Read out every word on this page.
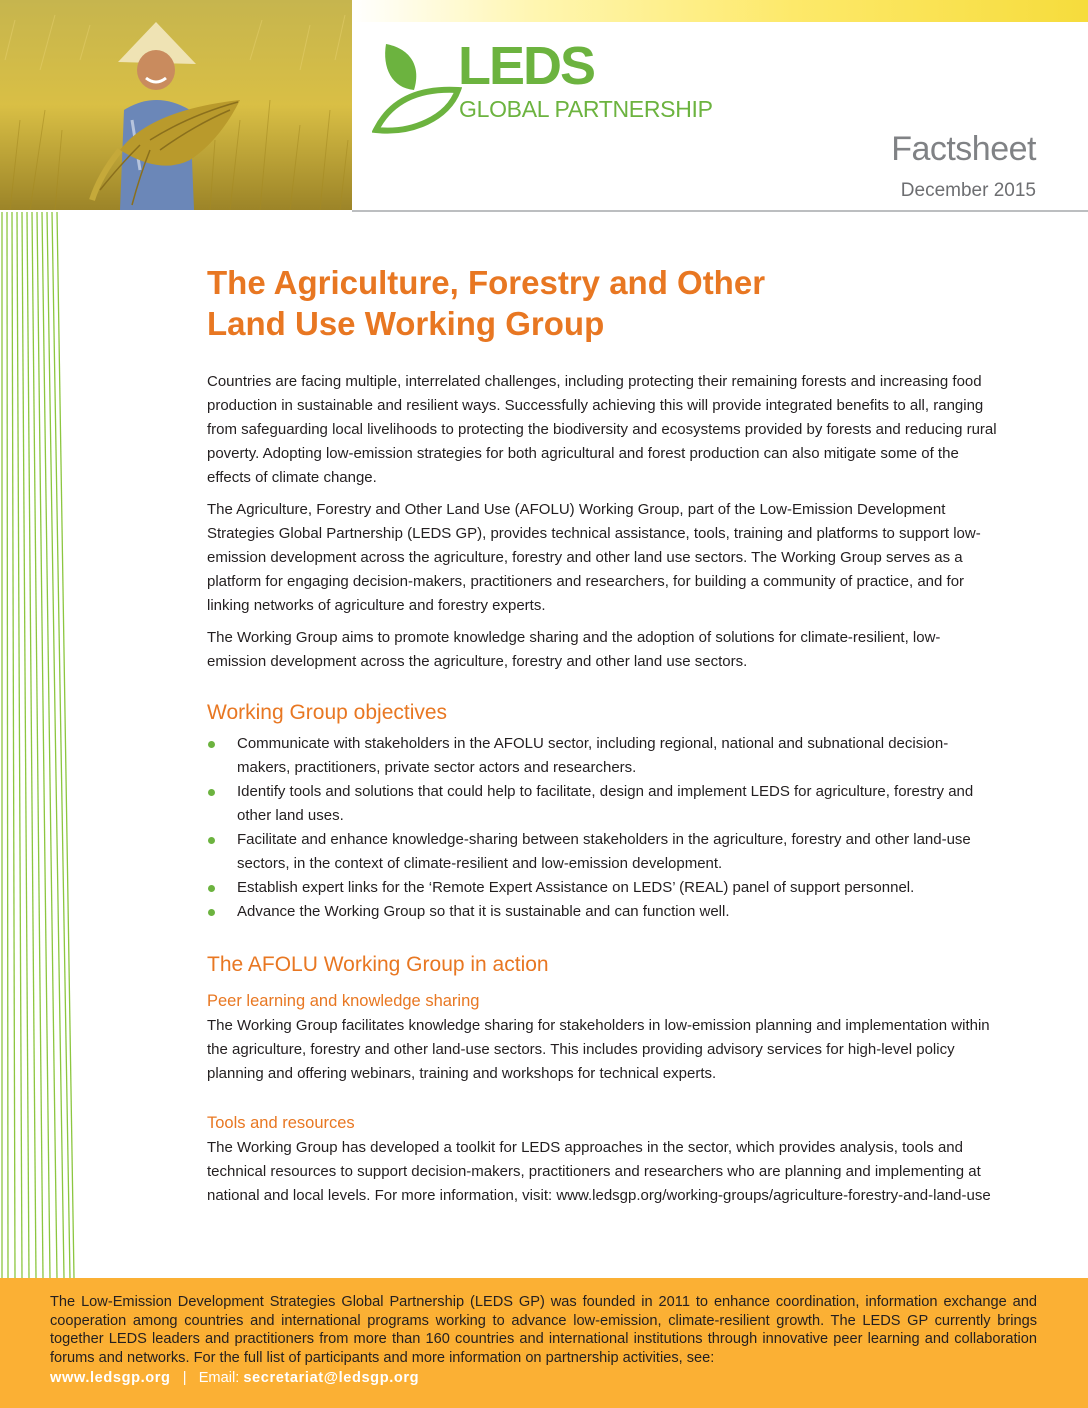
LEDS
GLOBAL PARTNERSHIP
Factsheet
December 2015
The Agriculture, Forestry and Other
Land Use Working Group

Countries are facing multiple, interrelated challenges, including protecting their remaining forests and increasing food production in sustainable and resilient ways. Successfully achieving this will provide integrated benefits to all, ranging from safeguarding local livelihoods to protecting the biodiversity and ecosystems provided by forests and reducing rural poverty. Adopting low-emission strategies for both agricultural and forest production can also mitigate some of the effects of climate change.

The Agriculture, Forestry and Other Land Use (AFOLU) Working Group, part of the Low-Emission Development Strategies Global Partnership (LEDS GP), provides technical assistance, tools, training and platforms to support low-emission development across the agriculture, forestry and other land use sectors. The Working Group serves as a platform for engaging decision-makers, practitioners and researchers, for building a community of practice, and for linking networks of agriculture and forestry experts.

The Working Group aims to promote knowledge sharing and the adoption of solutions for climate-resilient, low-emission development across the agriculture, forestry and other land use sectors.

Working Group objectives
Communicate with stakeholders in the AFOLU sector, including regional, national and subnational decision-makers, practitioners, private sector actors and researchers.
Identify tools and solutions that could help to facilitate, design and implement LEDS for agriculture, forestry and other land uses.
Facilitate and enhance knowledge-sharing between stakeholders in the agriculture, forestry and other land-use sectors, in the context of climate-resilient and low-emission development.
Establish expert links for the ‘Remote Expert Assistance on LEDS’ (REAL) panel of support personnel.
Advance the Working Group so that it is sustainable and can function well.
The AFOLU Working Group in action
Peer learning and knowledge sharing

The Working Group facilitates knowledge sharing for stakeholders in low-emission planning and implementation within the agriculture, forestry and other land-use sectors. This includes providing advisory services for high-level policy planning and offering webinars, training and workshops for technical experts.

Tools and resources

The Working Group has developed a toolkit for LEDS approaches in the sector, which provides analysis, tools and technical resources to support decision-makers, practitioners and researchers who are planning and implementing at national and local levels. For more information, visit: www.ledsgp.org/working-groups/agriculture-forestry-and-land-use

The Low-Emission Development Strategies Global Partnership (LEDS GP) was founded in 2011 to enhance coordination, information exchange and cooperation among countries and international programs working to advance low-emission, climate-resilient growth. The LEDS GP currently brings together LEDS leaders and practitioners from more than 160 countries and international institutions through innovative peer learning and collaboration forums and networks. For the full list of participants and more information on partnership activities, see:
www.ledsgp.org | Email: secretariat@ledsgp.org
